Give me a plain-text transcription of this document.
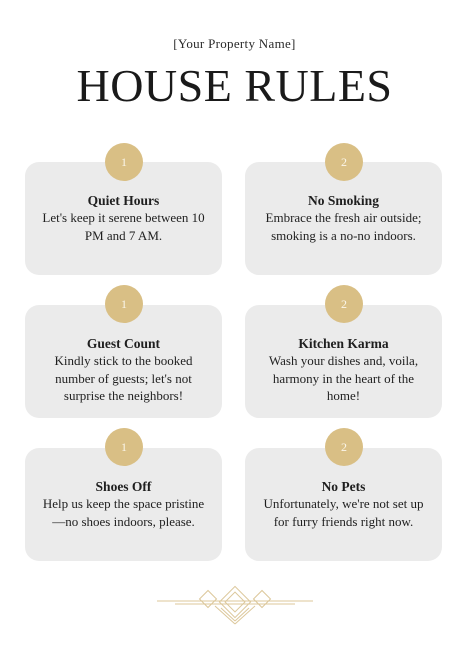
[Your Property Name]
HOUSE RULES
Quiet Hours
Let's keep it serene between 10 PM and 7 AM.
1
No Smoking
Embrace the fresh air outside; smoking is a no-no indoors.
2
Guest Count
Kindly stick to the booked number of guests; let's not surprise the neighbors!
1
Kitchen Karma
Wash your dishes and, voila, harmony in the heart of the home!
2
Shoes Off
Help us keep the space pristine—no shoes indoors, please.
1
No Pets
Unfortunately, we're not set up for furry friends right now.
2
